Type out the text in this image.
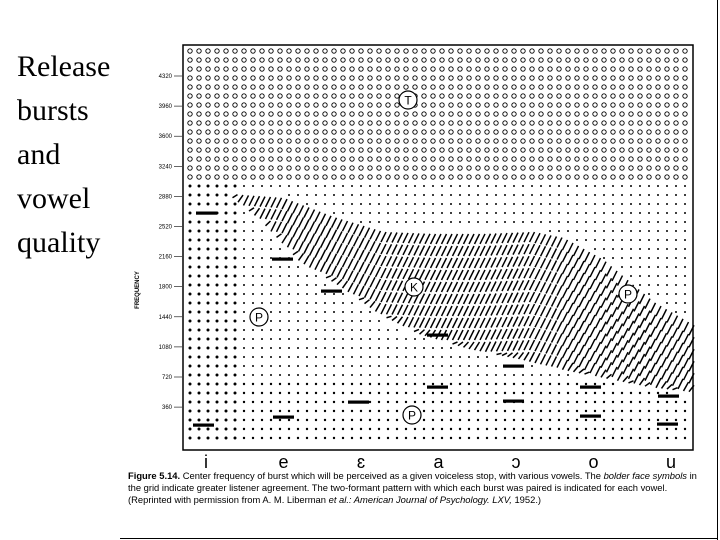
Release
bursts
and
vowel
quality
4320
3960
3600
3240
2880
2520
2160
1800
1440
1080
720
360
FREQUENCY
i	e	ɛ	a	ɔ	o	u
T
K	P
P
P
Figure 5.14. Center frequency of burst which will be perceived as a given voiceless stop, with various vowels. The bolder face symbols in the grid indicate greater listener agreement. The two-formant pattern with which each burst was paired is indicated for each vowel. (Reprinted with permission from A. M. Liberman et al.: American Journal of Psychology. LXV, 1952.)
